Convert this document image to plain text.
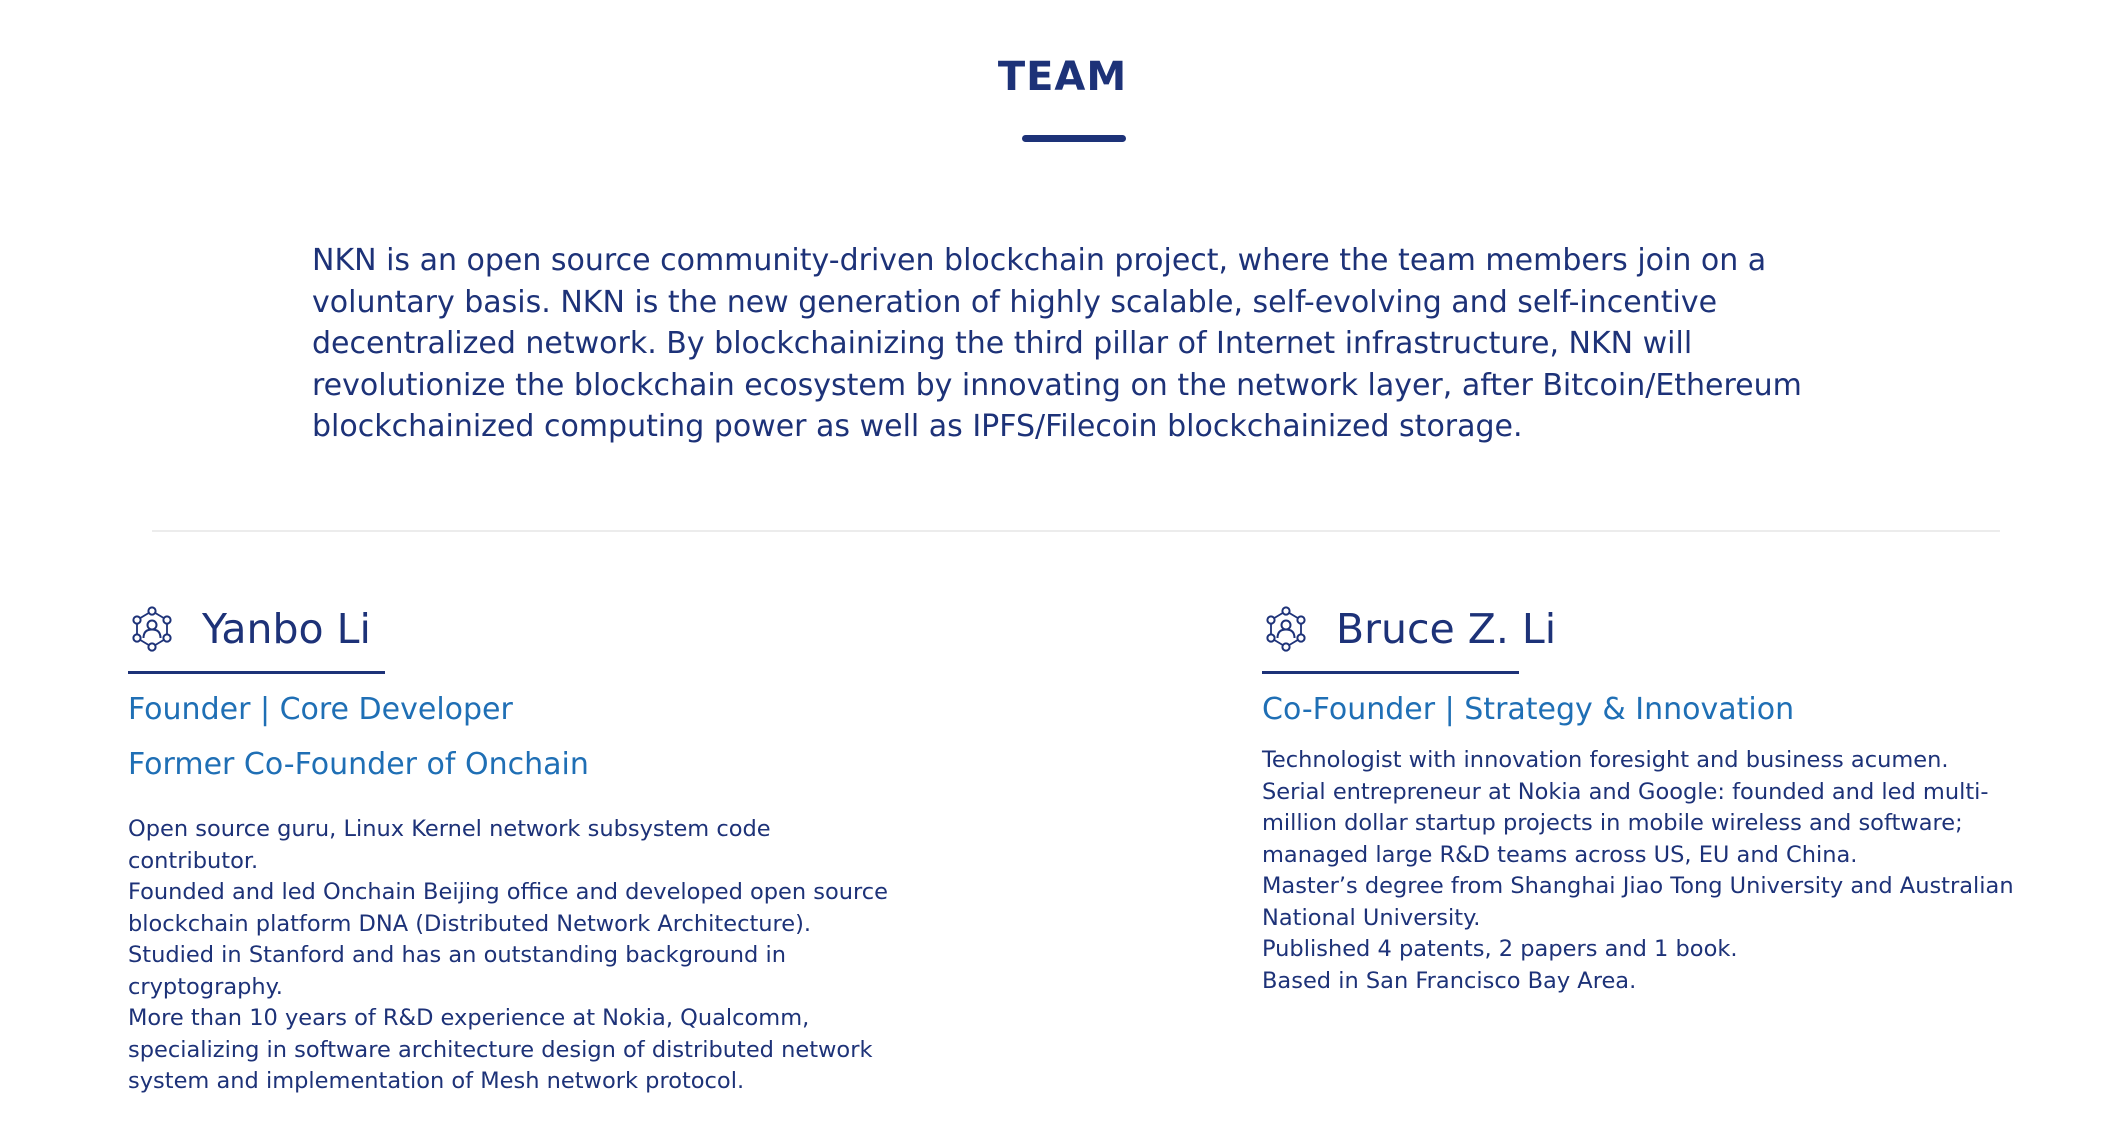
TEAM

NKN is an open source community-driven blockchain project, where the team members join on a voluntary basis. NKN is the new generation of highly scalable, self-evolving and self-incentive decentralized network. By blockchainizing the third pillar of Internet infrastructure, NKN will revolutionize the blockchain ecosystem by innovating on the network layer, after Bitcoin/Ethereum blockchainized computing power as well as IPFS/Filecoin blockchainized storage.

Yanbo Li

Founder | Core Developer

Former Co-Founder of Onchain

Open source guru, Linux Kernel network subsystem code contributor.
Founded and led Onchain Beijing office and developed open source blockchain platform DNA (Distributed Network Architecture).
Studied in Stanford and has an outstanding background in cryptography.
More than 10 years of R&D experience at Nokia, Qualcomm, specializing in software architecture design of distributed network system and implementation of Mesh network protocol.

Bruce Z. Li

Co-Founder | Strategy & Innovation

Technologist with innovation foresight and business acumen.
Serial entrepreneur at Nokia and Google: founded and led multi-million dollar startup projects in mobile wireless and software; managed large R&D teams across US, EU and China.
Master’s degree from Shanghai Jiao Tong University and Australian National University.
Published 4 patents, 2 papers and 1 book.
Based in San Francisco Bay Area.
